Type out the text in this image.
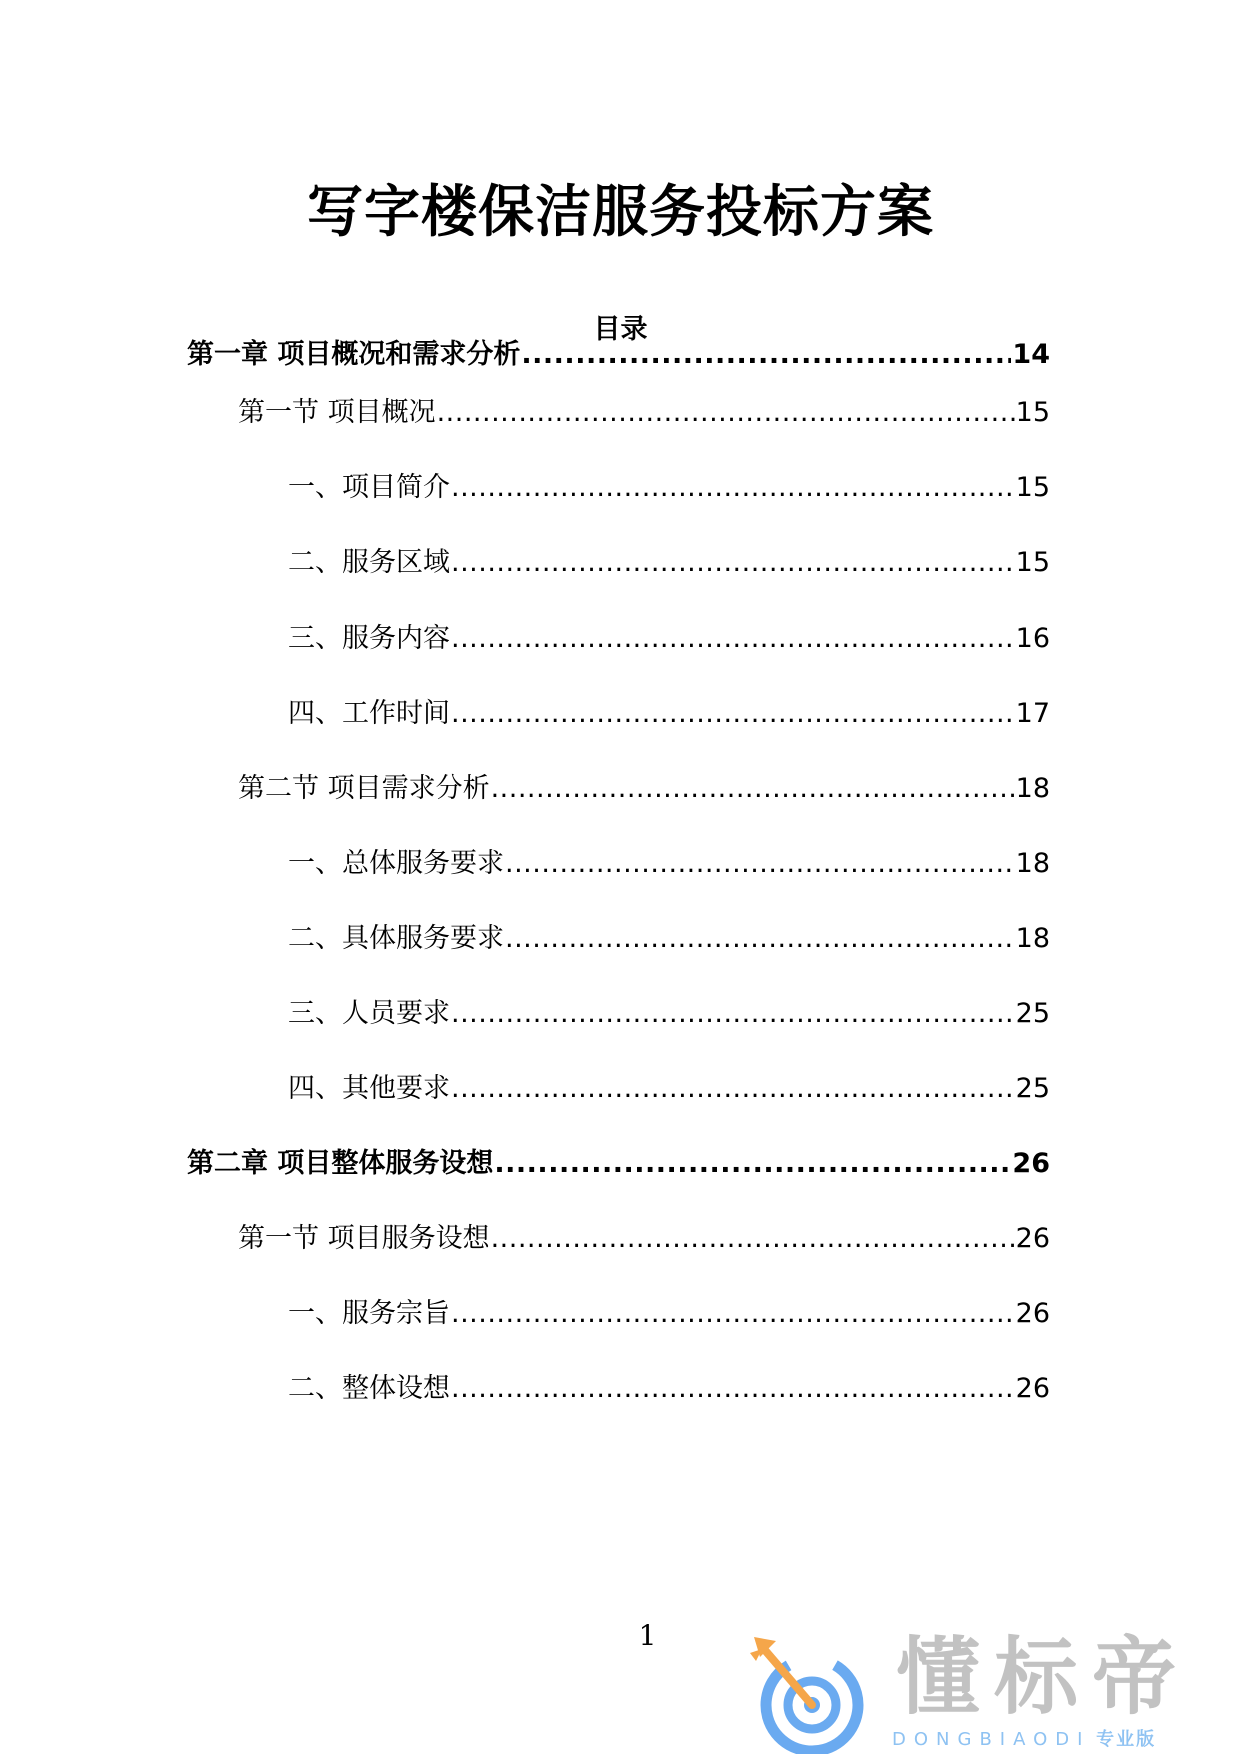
写字楼保洁服务投标方案
目录
第一章 项目概况和需求分析 .....	14
第一节 项目概况 .....	15
一、项目简介 .....	15
二、服务区域 .....	15
三、服务内容 .....	16
四、工作时间 .....	17
第二节 项目需求分析 .....	18
一、总体服务要求 .....	18
二、具体服务要求 .....	18
三、人员要求 .....	25
四、其他要求 .....	25
第二章 项目整体服务设想 .....	26
第一节 项目服务设想 .....	26
一、服务宗旨 .....	26
二、整体设想 .....	26
1	懂标帝
DONGBIAODI 专业版
